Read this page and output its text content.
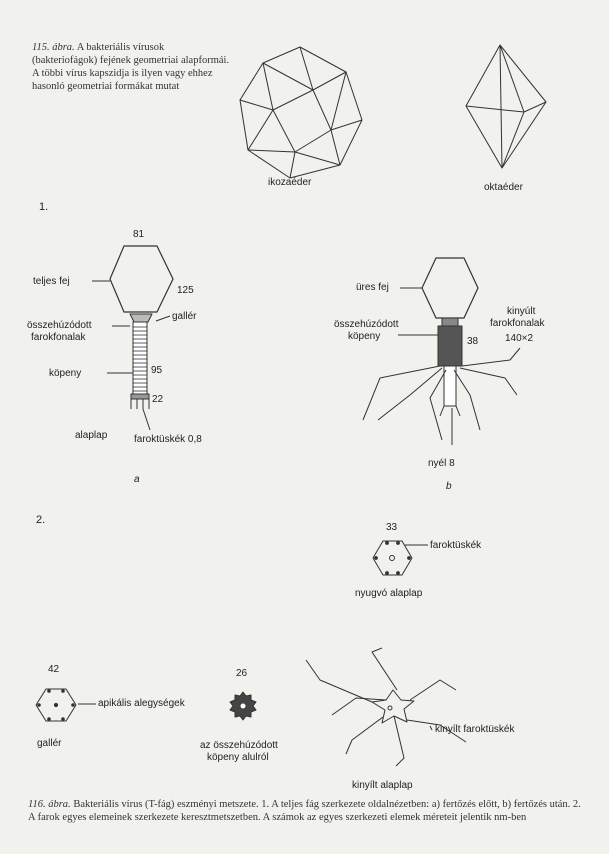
115. ábra. A bakteriális vírusok (bakteriofágok) fejének geometriai alapformái. A többi vírus kapszidja is ilyen vagy ehhez hasonló geometriai formákat mutat
ikozaéder	oktaéder
1.
81
125
teljes fej
gallér
összehúzódott
farokfonalak
köpeny	95
22
alaplap	faroktüskék 0,8
a
üres fej
összehúzódott
köpeny	38
kinyúlt
farokfonalak
140×2
nyél 8
b
2.
33
faroktüskék
nyugvó alaplap
42
apikális alegységek
gallér
26
az összehúzódott
köpeny alulról
kinyílt faroktüskék
kinyílt alaplap
116. ábra. Bakteriális vírus (T-fág) eszményi metszete. 1. A teljes fág szerkezete oldalnézetben: a) fertőzés előtt, b) fertőzés után. 2. A farok egyes elemeinek szerkezete keresztmetszetben. A számok az egyes szerkezeti elemek méreteit jelentik nm-ben
